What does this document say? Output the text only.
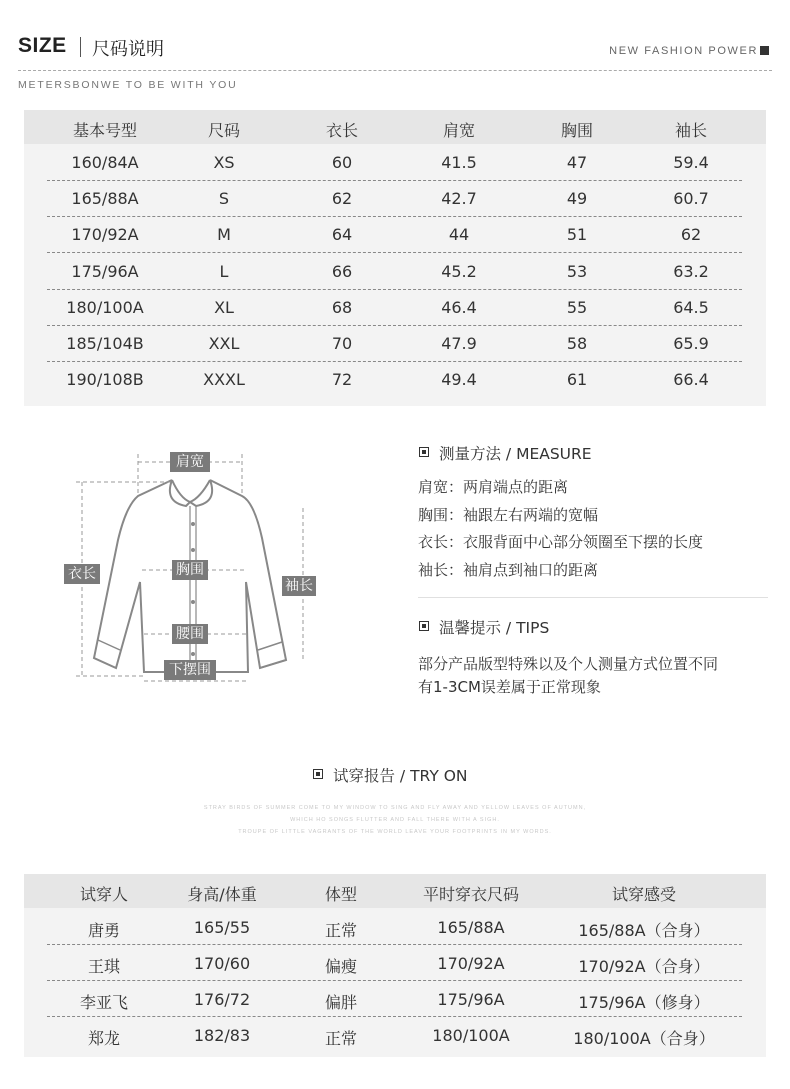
SIZE 尺码说明	NEW FASHION POWER
METERSBONWE TO BE WITH YOU
基本号型	尺码	衣长	肩宽	胸围	袖长
160/84A	XS	60	41.5	47	59.4
165/88A	S	62	42.7	49	60.7
170/92A	M	64	44	51	62
175/96A	L	66	45.2	53	63.2
180/100A	XL	68	46.4	55	64.5
185/104B	XXL	70	47.9	58	65.9
190/108B	XXXL	72	49.4	61	66.4
肩宽
衣长	胸围
袖长
腰围
下摆围
测量方法 / MEASURE
肩宽：两肩端点的距离
胸围：袖跟左右两端的宽幅
衣长：衣服背面中心部分领圈至下摆的长度
袖长：袖肩点到袖口的距离
温馨提示 / TIPS
部分产品版型特殊以及个人测量方式位置不同
有1-3CM误差属于正常现象
试穿报告 / TRY ON
STRAY BIRDS OF SUMMER COME TO MY WINDOW TO SING AND FLY AWAY AND YELLOW LEAVES OF AUTUMN,
WHICH HO SONGS FLUTTER AND FALL THERE WITH A SIGH.
TROUPE OF LITTLE VAGRANTS OF THE WORLD LEAVE YOUR FOOTPRINTS IN MY WORDS.
试穿人	身高/体重	体型	平时穿衣尺码	试穿感受
唐勇	165/55	正常	165/88A	165/88A（合身）
王琪	170/60	偏瘦	170/92A	170/92A（合身）
李亚飞	176/72	偏胖	175/96A	175/96A（修身）
郑龙	182/83	正常	180/100A	180/100A（合身）
